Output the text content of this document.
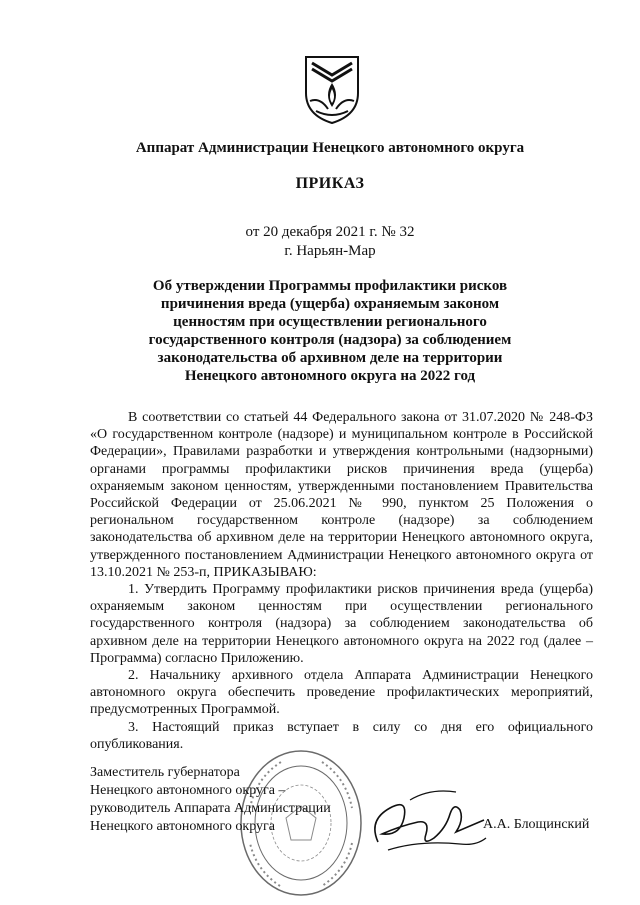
Аппарат Администрации Ненецкого автономного округа
ПРИКАЗ
от 20 декабря 2021 г. № 32
г. Нарьян-Мар
Об утверждении Программы профилактики рисков причинения вреда (ущерба) охраняемым законом ценностям при осуществлении регионального государственного контроля (надзора) за соблюдением законодательства об архивном деле на территории Ненецкого автономного округа на 2022 год

В соответствии со статьей 44 Федерального закона от 31.07.2020 № 248-ФЗ «О государственном контроле (надзоре) и муниципальном контроле в Российской Федерации», Правилами разработки и утверждения контрольными (надзорными) органами программы профилактики рисков причинения вреда (ущерба) охраняемым законом ценностям, утвержденными постановлением Правительства Российской Федерации от 25.06.2021 № 990, пунктом 25 Положения о региональном государственном контроле (надзоре) за соблюдением законодательства об архивном деле на территории Ненецкого автономного округа, утвержденного постановлением Администрации Ненецкого автономного округа от 13.10.2021 № 253-п, ПРИКАЗЫВАЮ:

1. Утвердить Программу профилактики рисков причинения вреда (ущерба) охраняемым законом ценностям при осуществлении регионального государственного контроля (надзора) за соблюдением законодательства об архивном деле на территории Ненецкого автономного округа на 2022 год (далее – Программа) согласно Приложению.

2. Начальнику архивного отдела Аппарата Администрации Ненецкого автономного округа обеспечить проведение профилактических мероприятий, предусмотренных Программой.

3. Настоящий приказ вступает в силу со дня его официального опубликования.

Заместитель губернатора
Ненецкого автономного округа –
руководитель Аппарата Администрации
Ненецкого автономного округа	А.А. Блощинский
